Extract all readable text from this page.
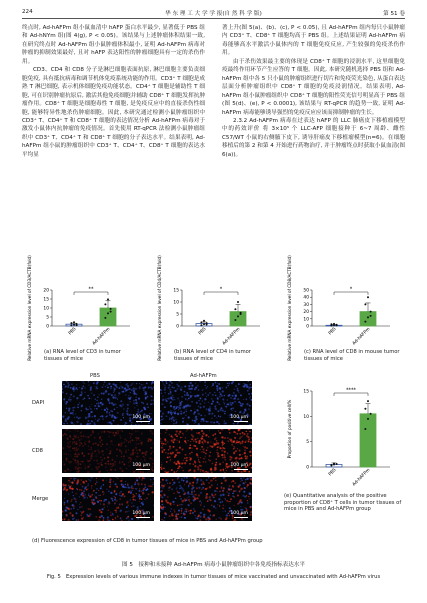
224	华 东 理 工 大 学 学 报(自 然 科 学 版)	第 51 卷

终点时, Ad-hAFPm 组小鼠血清中 hAFP 蛋白水平最少, 显著低于 PBS 组和 Ad-hNYm 组(图 4(g), P < 0.05)。该结果与上述肿瘤体积结果一致, 在研究终点时 Ad-hAFPm 组小鼠肿瘤体积最小, 证明 Ad-hAFPm 病毒对肿瘤的抑制效果最好, 且对 hAFP 表达阳性的肿瘤细胞具有一定的杀伤作用。

CD3、CD4 和 CD8 分子是淋巴细胞表面抗原, 淋巴细胞主要负责细胞免疫, 具有抵抗病毒和调节机体免疫系统功能的作用。CD3⁺ T 细胞是成熟 T 淋巴细胞, 表示机体细胞免疫功能状态。CD4⁺ T 细胞是辅助性 T 细胞, 可在识别肿瘤抗原后, 激活其他免疫细胞并辅助 CD8⁺ T 细胞发挥抗肿瘤作用。CD8⁺ T 细胞是细胞毒性 T 细胞, 是免疫反应中的直接杀伤性细胞, 能够特异性地杀伤肿瘤细胞。因此, 本研究通过检测小鼠肿瘤组织中 CD3⁺ T、CD4⁺ T 和 CD8⁺ T 细胞的表达情况分析 Ad-hAFPm 病毒对于激发小鼠体内抗肿瘤的免疫情况。首先使用 RT-qPCR 法检测小鼠肿瘤组织中 CD3⁺ T、CD4⁺ T 和 CD8⁺ T 细胞的分子表达水平。结果表明, Ad-hAFPm 组小鼠的肿瘤组织中 CD3⁺ T、CD4⁺ T、CD8⁺ T 细胞的表达水平均显

著上升(图 5(a)、(b)、(c), P < 0.05), 且 Ad-hAFPm 组内每只小鼠肿瘤内 CD3⁺ T、CD8⁺ T 细胞均高于 PBS 组。上述结果证明 Ad-hAFPm 病毒能够高水平激活小鼠体内的 T 细胞免疫反应, 产生较强的免疫杀伤作用。

由于杀伤效果最主要的体现是 CD8⁺ T 细胞的浸润水平, 这里细胞免疫最终作用环节产生应答的 T 细胞。因此, 本研究随机选择 PBS 组和 Ad-hAFPm 组中各 5 只小鼠的肿瘤组织进行切片和免疫荧光染色, 从蛋白表达层面分析肿瘤组织中 CD8⁺ T 细胞的免疫浸润情况。结果表明, Ad-hAFPm 组小鼠肿瘤组织中 CD8⁺ T 细胞的阳性荧光信号明显高于 PBS 组(图 5(d)、(e), P < 0.0001), 该结果与 RT-qPCR 的趋势一致, 证明 Ad-hAFPm 病毒能够诱导强烈的免疫反应应该而抑制肿瘤的生长。

2.3.2 Ad-hAFPm 病毒在过表达 hAFP 的 LLC 肺癌皮下移植瘤模型中的药效评价 将 3×10⁵ 个 LLC-AFP 细胞接种于 6~7 周龄、雌性 C57/WT 小鼠的右侧腋下皮下, 诱导肝癌皮下移植瘤模型(n=6)。在细胞移植后的第 2 和第 4 开始进行药物治疗, 并于肿瘤终点时获取小鼠血清(图 6(a))。

Relative mRNA expression level of CD3/ACTB(fold)	0
5
10
15
20
PBS	Ad-hAFPm
**	Relative mRNA expression level of CD4/ACTB(fold)	0
5
10
15
PBS	Ad-hAFPm
*	Relative mRNA expression level of CD8/ACTB(fold)	0
10
20
30
40
50
PBS	Ad-hAFPm
*
(a) RNA level of CD3 in tumor tissues of mice
(b) RNA level of CD4 in tumor tissues of mice
(c) RNA level of CD8 in mouse tumor tissues of mice
PBS	Ad-hAFPm
DAPI
CD8
Merge
100 μm	100 μm
100 μm	100 μm
100 μm	100 μm
Proportion of positive cell/%
0
5
10
15
PBS	Ad-hAFPm
****
(e) Quantitative analysis of the positive proportion of CD8⁺ T cells in tumor tissues of mice in PBS and Ad-hAFPm group
(d) Fluorescence expression of CD8 in tumor tissues of mice in PBS and Ad-hAFPm group
图 5　接种和未接种 Ad-hAFPm 病毒小鼠肿瘤组织中各免疫指标表达水平
Fig. 5　Expression levels of various immune indexes in tumor tissues of mice vaccinated and unvaccinated with Ad-hAFPm virus
